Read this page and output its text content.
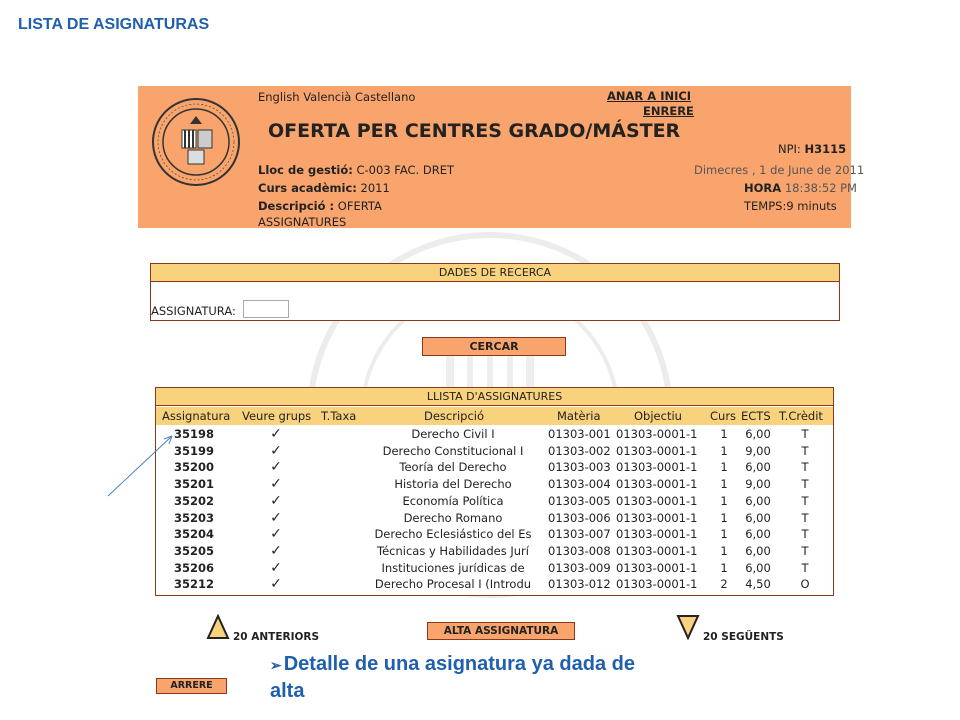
LISTA DE ASIGNATURAS
English Valencià Castellano	ANAR A INICI
ENRERE
OFERTA PER CENTRES GRADO/MÁSTER
NPI: H3115
Lloc de gestió: C-003 FAC. DRET
Curs acadèmic: 2011
Descripció : OFERTA
ASSIGNATURES
Dimecres , 1 de June de 2011
HORA 18:38:52 PM
TEMPS:9 minuts
DADES DE RECERCA
ASSIGNATURA:
CERCAR
LLISTA D'ASSIGNATURES
Assignatura Veure grups T.Taxa	Descripció	Matèria	Objectiu Curs ECTS T.Crèdit
35198	✓	Derecho Civil I	01303-001 01303-0001-1	1	6,00	T
35199	✓	Derecho Constitucional I	01303-002 01303-0001-1	1	9,00	T
35200	✓	Teoría del Derecho	01303-003 01303-0001-1	1	6,00	T
35201	✓	Historia del Derecho	01303-004 01303-0001-1	1	9,00	T
35202	✓	Economía Política	01303-005 01303-0001-1	1	6,00	T
35203	✓	Derecho Romano	01303-006 01303-0001-1	1	6,00	T
35204	✓	Derecho Eclesiástico del Es	01303-007 01303-0001-1	1	6,00	T
35205	✓	Técnicas y Habilidades Jurí	01303-008 01303-0001-1	1	6,00	T
35206	✓	Instituciones jurídicas de	01303-009 01303-0001-1	1	6,00	T
35212	✓	Derecho Procesal I (Introdu	01303-012 01303-0001-1	2	4,50	O
20 ANTERIORS	ALTA ASSIGNATURA	20 SEGÜENTS
ARRERE
➢ Detalle de una asignatura ya dada de
alta
